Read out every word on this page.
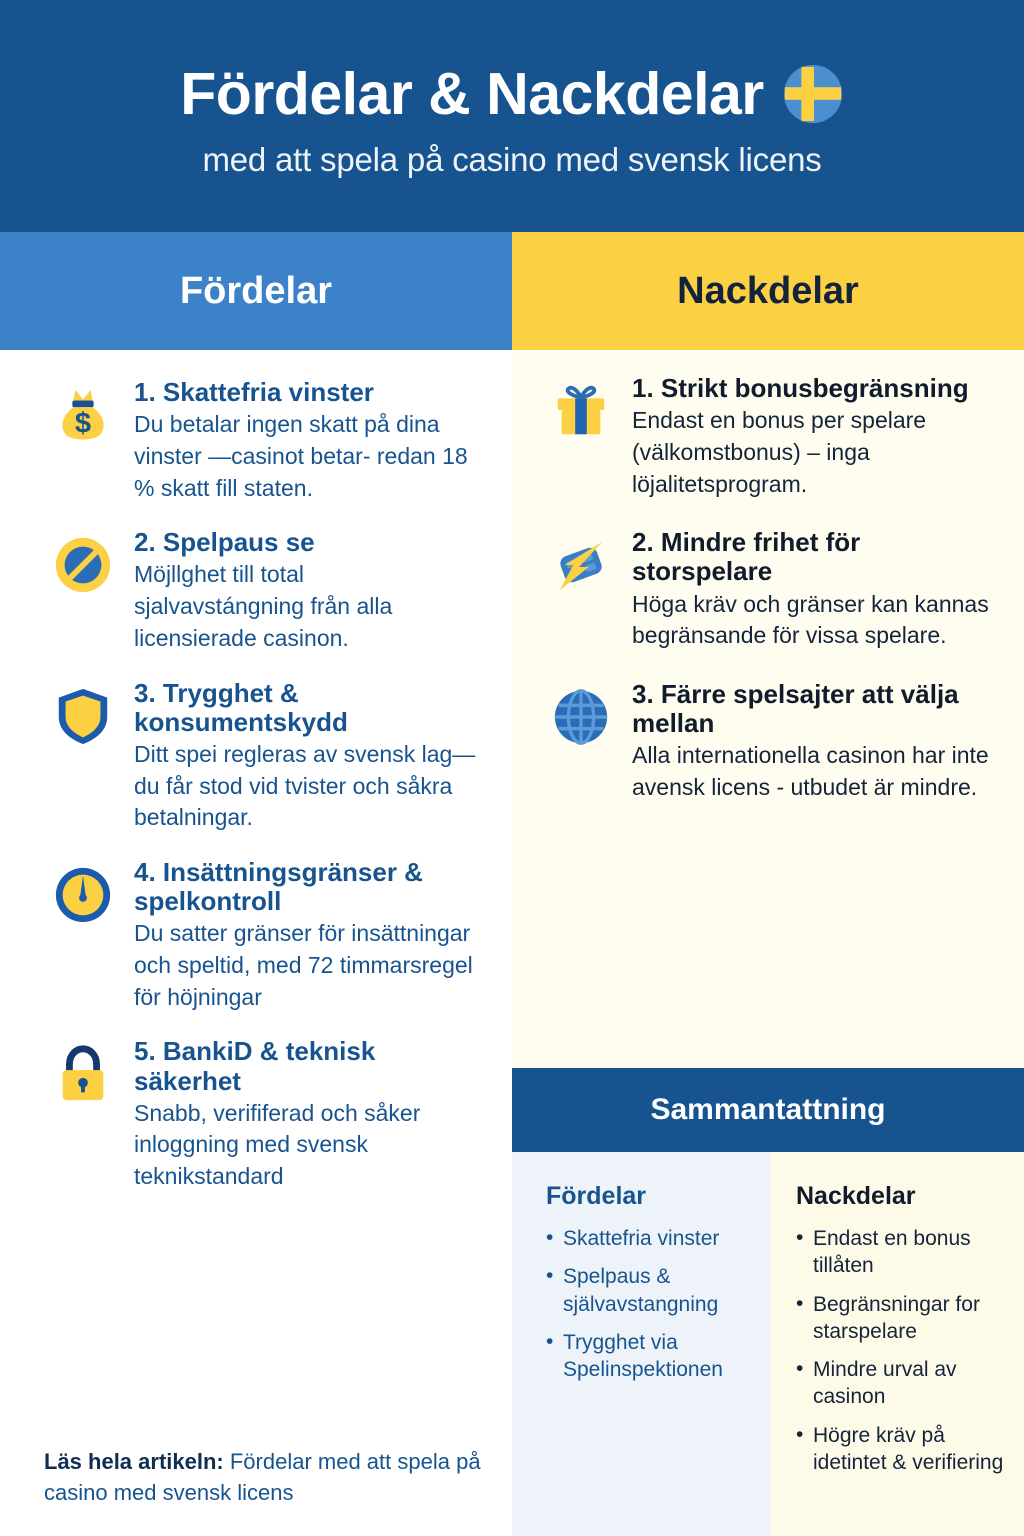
Fördelar & Nackdelar
med att spela på casino med svensk licens
Fördelar	Nackdelar
$
1. Skattefria vinster
Du betalar ingen skatt på dina vinster —casinot betar- redan 18 % skatt fill staten.
2. Spelpaus se
Möjllghet till total sjalvavstángning från alla licensierade casinon.
3. Trygghet & konsumentskydd
Ditt spei regleras av svensk lag—du får stod vid tvister och såkra betalningar.
4. Insättningsgränser & spelkontroll
Du satter gränser för insättningar och speltid, med 72 timmarsregel för höjningar
5. BankiD & teknisk säkerhet
Snabb, verififerad och såker inloggning med svensk teknikstandard
Läs hela artikeln: Fördelar med att spela på casino med svensk licens
1. Strikt bonusbegränsning
Endast en bonus per spelare (välkomstbonus) – inga löjalitetsprogram.
2. Mindre frihet för storspelare
Höga kräv och gränser kan kannas begränsande för vissa spelare.
3. Färre spelsajter att välja mellan
Alla internationella casinon har inte avensk licens - utbudet är mindre.
Sammantattning
Fördelar
• Skattefria vinster
• Spelpaus & självavstangning
• Trygghet via Spelinspektionen
Nackdelar
• Endast en bonus tillåten
• Begränsningar for starspelare
• Mindre urval av casinon
• Högre kräv på idetintet & verifiering
